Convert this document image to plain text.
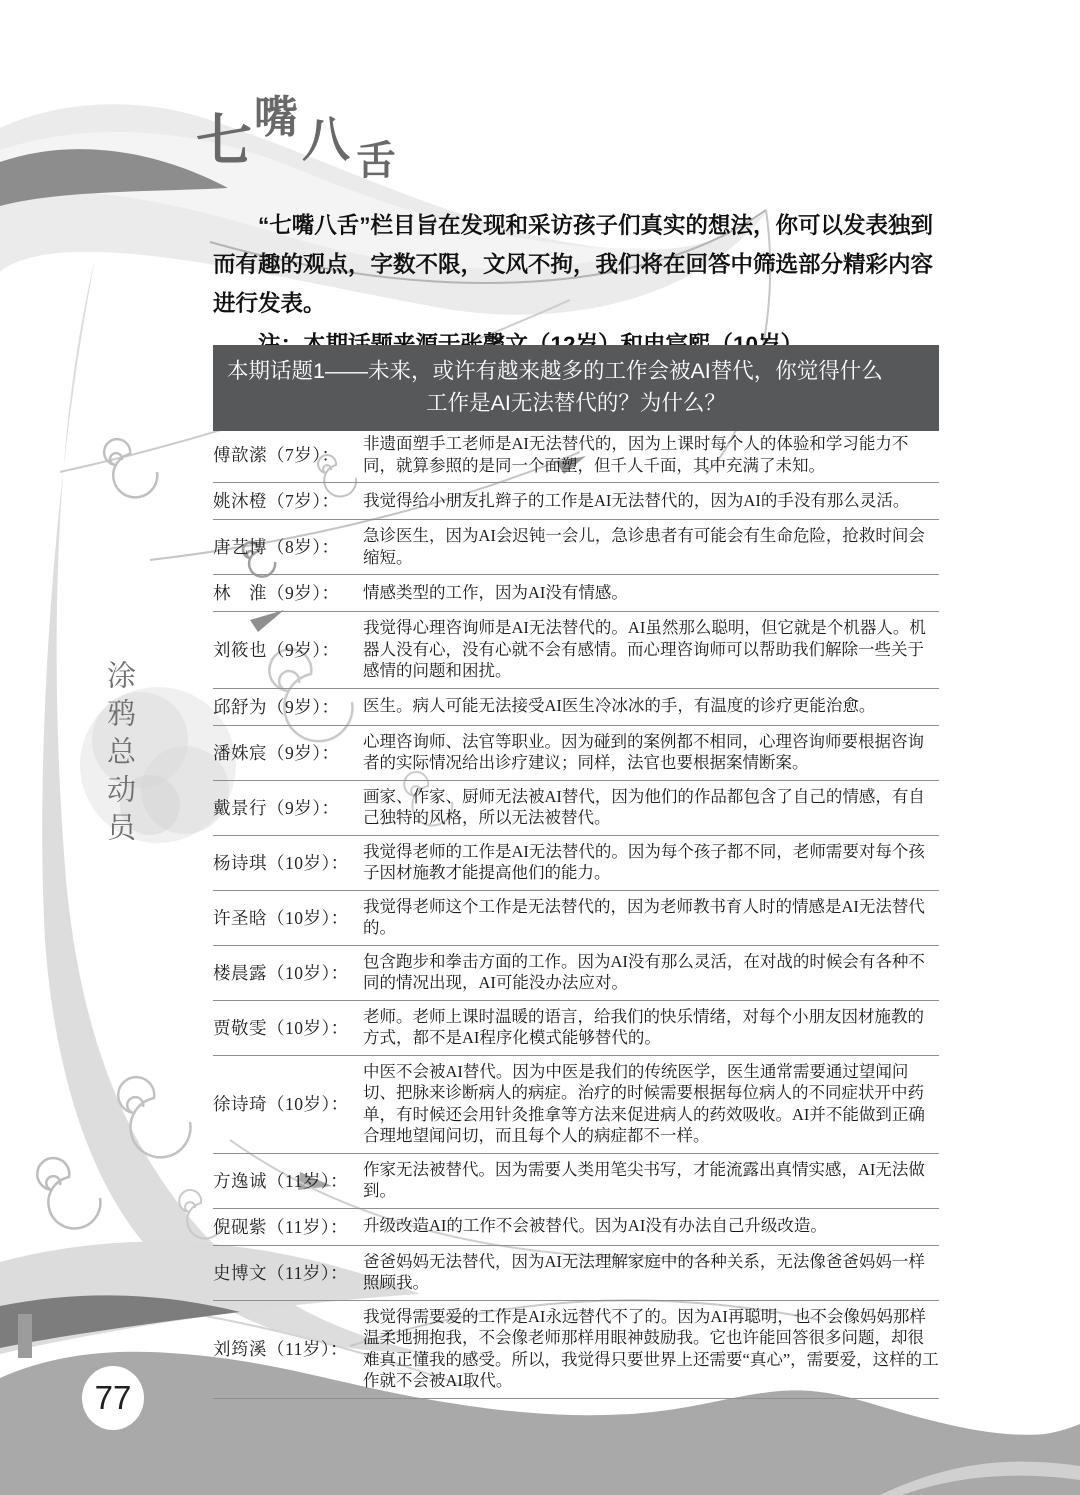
七嘴八 舌

“七嘴八舌”栏目旨在发现和采访孩子们真实的想法，你可以发表独到而有趣的观点，字数不限，文风不拘，我们将在回答中筛选部分精彩内容进行发表。

本期话题1——未来，或许有越来越多的工作会被AI替代，你觉得什么
工作是AI无法替代的？为什么？
傅歆潆（7岁）：
非遗面塑手工老师是AI无法替代的，因为上课时每个人的体验和学习能力不同，就算参照的是同一个面塑，但千人千面，其中充满了未知。
姚沐橙（7岁）：	我觉得给小朋友扎辫子的工作是AI无法替代的，因为AI的手没有那么灵活。
唐艺博（8岁）：
急诊医生，因为AI会迟钝一会儿，急诊患者有可能会有生命危险，抢救时间会缩短。
林　淮（9岁）：	情感类型的工作，因为AI没有情感。
刘筱也（9岁）：
我觉得心理咨询师是AI无法替代的。AI虽然那么聪明，但它就是个机器人。机器人没有心，没有心就不会有感情。而心理咨询师可以帮助我们解除一些关于感情的问题和困扰。
邱舒为（9岁）：	医生。病人可能无法接受AI医生冷冰冰的手，有温度的诊疗更能治愈。
潘姝宸（9岁）：
心理咨询师、法官等职业。因为碰到的案例都不相同，心理咨询师要根据咨询者的实际情况给出诊疗建议；同样，法官也要根据案情断案。
戴景行（9岁）：
画家、作家、厨师无法被AI替代，因为他们的作品都包含了自己的情感，有自己独特的风格，所以无法被替代。
杨诗琪（10岁）：
我觉得老师的工作是AI无法替代的。因为每个孩子都不同，老师需要对每个孩子因材施教才能提高他们的能力。
许圣晗（10岁）：
我觉得老师这个工作是无法替代的，因为老师教书育人时的情感是AI无法替代的。
楼晨露（10岁）：
包含跑步和拳击方面的工作。因为AI没有那么灵活，在对战的时候会有各种不同的情况出现，AI可能没办法应对。
贾敬雯（10岁）：
老师。老师上课时温暖的语言，给我们的快乐情绪，对每个小朋友因材施教的方式，都不是AI程序化模式能够替代的。
徐诗琦（10岁）：
中医不会被AI替代。因为中医是我们的传统医学，医生通常需要通过望闻问切、把脉来诊断病人的病症。治疗的时候需要根据每位病人的不同症状开中药单，有时候还会用针灸推拿等方法来促进病人的药效吸收。AI并不能做到正确合理地望闻问切，而且每个人的病症都不一样。
方逸诚（11岁）：
作家无法被替代。因为需要人类用笔尖书写，才能流露出真情实感，AI无法做到。
倪砚紫（11岁）： 升级改造AI的工作不会被替代。因为AI没有办法自己升级改造。
史博文（11岁）：
爸爸妈妈无法替代，因为AI无法理解家庭中的各种关系，无法像爸爸妈妈一样照顾我。
刘筠溪（11岁）：
我觉得需要爱的工作是AI永远替代不了的。因为AI再聪明，也不会像妈妈那样温柔地拥抱我，不会像老师那样用眼神鼓励我。它也许能回答很多问题，却很难真正懂我的感受。所以，我觉得只要世界上还需要“真心”，需要爱，这样的工作就不会被AI取代。
涂鸦总动员
77
